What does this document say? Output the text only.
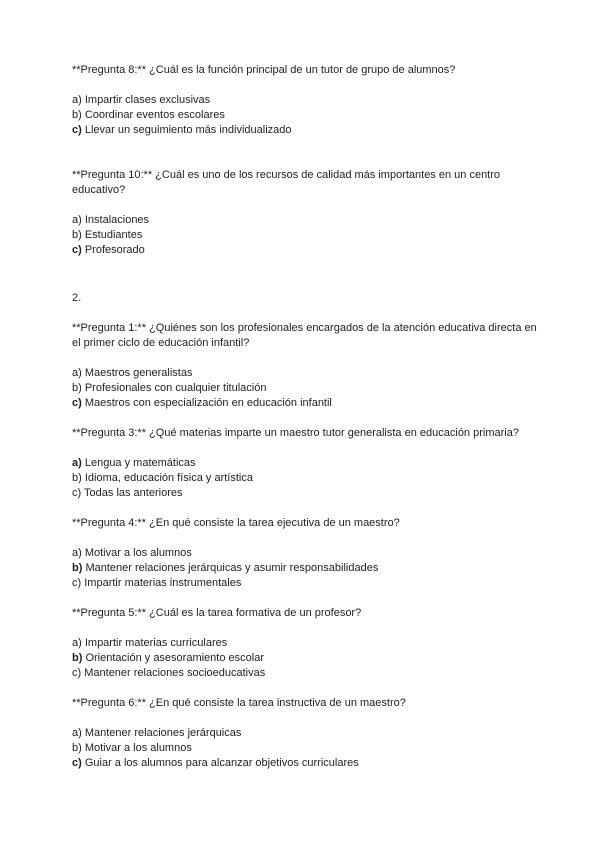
**Pregunta 8:** ¿Cuál es la función principal de un tutor de grupo de alumnos?

a) Impartir clases exclusivas
b) Coordinar eventos escolares
c) Llevar un seguimiento más individualizado

**Pregunta 10:** ¿Cuál es uno de los recursos de calidad más importantes en un centro educativo?

a) Instalaciones
b) Estudiantes
c) Profesorado

2.

**Pregunta 1:** ¿Quiénes son los profesionales encargados de la atención educativa directa en el primer ciclo de educación infantil?

a) Maestros generalistas
b) Profesionales con cualquier titulación
c) Maestros con especialización en educación infantil

**Pregunta 3:** ¿Qué materias imparte un maestro tutor generalista en educación primaria?

a) Lengua y matemáticas
b) Idioma, educación física y artística
c) Todas las anteriores

**Pregunta 4:** ¿En qué consiste la tarea ejecutiva de un maestro?

a) Motivar a los alumnos
b) Mantener relaciones jerárquicas y asumir responsabilidades
c) Impartir materias instrumentales

**Pregunta 5:** ¿Cuál es la tarea formativa de un profesor?

a) Impartir materias curriculares
b) Orientación y asesoramiento escolar
c) Mantener relaciones socioeducativas

**Pregunta 6:** ¿En qué consiste la tarea instructiva de un maestro?

a) Mantener relaciones jerárquicas
b) Motivar a los alumnos
c) Guiar a los alumnos para alcanzar objetivos curriculares
